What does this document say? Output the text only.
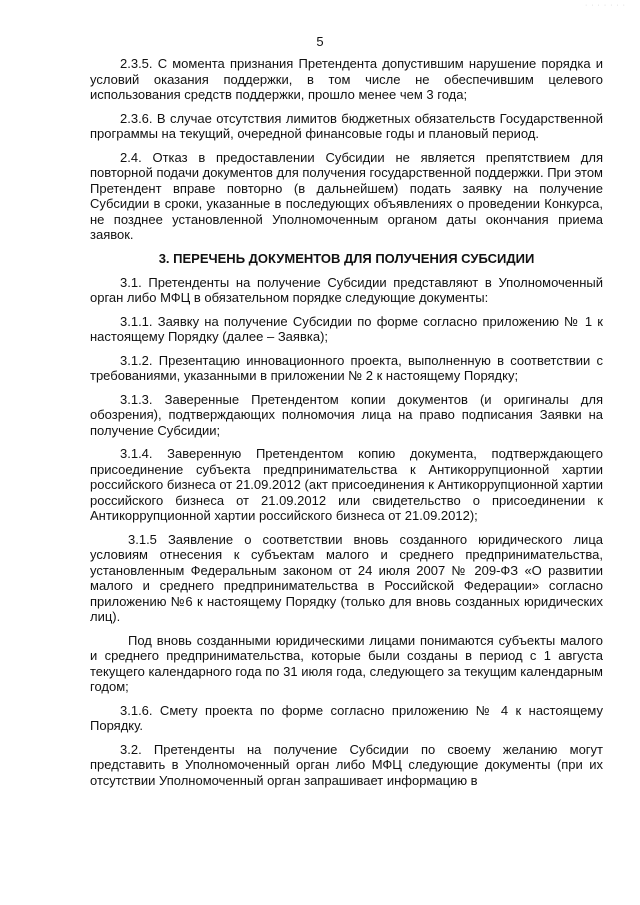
· · · · · · ·
5

2.3.5. С момента признания Претендента допустившим нарушение порядка и условий оказания поддержки, в том числе не обеспечившим целевого использования средств поддержки, прошло менее чем 3 года;

2.3.6. В случае отсутствия лимитов бюджетных обязательств Государственной программы на текущий, очередной финансовые годы и плановый период.

2.4. Отказ в предоставлении Субсидии не является препятствием для повторной подачи документов для получения государственной поддержки. При этом Претендент вправе повторно (в дальнейшем) подать заявку на получение Субсидии в сроки, указанные в последующих объявлениях о проведении Конкурса, не позднее установленной Уполномоченным органом даты окончания приема заявок.

3. ПЕРЕЧЕНЬ ДОКУМЕНТОВ ДЛЯ ПОЛУЧЕНИЯ СУБСИДИИ

3.1. Претенденты на получение Субсидии представляют в Уполномоченный орган либо МФЦ в обязательном порядке следующие документы:

3.1.1. Заявку на получение Субсидии по форме согласно приложению № 1 к настоящему Порядку (далее – Заявка);

3.1.2. Презентацию инновационного проекта, выполненную в соответствии с требованиями, указанными в приложении № 2 к настоящему Порядку;

3.1.3. Заверенные Претендентом копии документов (и оригиналы для обозрения), подтверждающих полномочия лица на право подписания Заявки на получение Субсидии;

3.1.4. Заверенную Претендентом копию документа, подтверждающего присоединение субъекта предпринимательства к Антикоррупционной хартии российского бизнеса от 21.09.2012 (акт присоединения к Антикоррупционной хартии российского бизнеса от 21.09.2012 или свидетельство о присоединении к Антикоррупционной хартии российского бизнеса от 21.09.2012);

3.1.5 Заявление о соответствии вновь созданного юридического лица условиям отнесения к субъектам малого и среднего предпринимательства, установленным Федеральным законом от 24 июля 2007 № 209-ФЗ «О развитии малого и среднего предпринимательства в Российской Федерации» согласно приложению №6 к настоящему Порядку (только для вновь созданных юридических лиц).

Под вновь созданными юридическими лицами понимаются субъекты малого и среднего предпринимательства, которые были созданы в период с 1 августа текущего календарного года по 31 июля года, следующего за текущим календарным годом;

3.1.6. Смету проекта по форме согласно приложению № 4 к настоящему Порядку.

3.2. Претенденты на получение Субсидии по своему желанию могут представить в Уполномоченный орган либо МФЦ следующие документы (при их отсутствии Уполномоченный орган запрашивает информацию в
